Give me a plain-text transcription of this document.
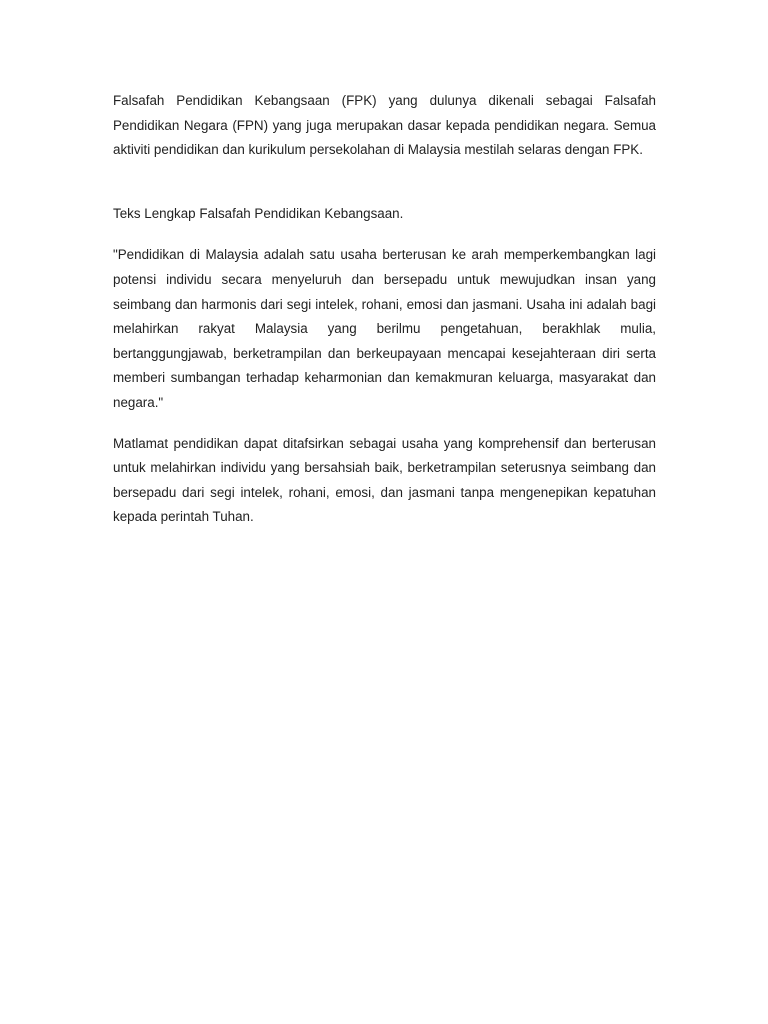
Falsafah Pendidikan Kebangsaan (FPK) yang dulunya dikenali sebagai Falsafah Pendidikan Negara (FPN) yang juga merupakan dasar kepada pendidikan negara. Semua aktiviti pendidikan dan kurikulum persekolahan di Malaysia mestilah selaras dengan FPK.

Teks Lengkap Falsafah Pendidikan Kebangsaan.

"Pendidikan di Malaysia adalah satu usaha berterusan ke arah memperkembangkan lagi potensi individu secara menyeluruh dan bersepadu untuk mewujudkan insan yang seimbang dan harmonis dari segi intelek, rohani, emosi dan jasmani. Usaha ini adalah bagi melahirkan rakyat Malaysia yang berilmu pengetahuan, berakhlak mulia, bertanggungjawab, berketrampilan dan berkeupayaan mencapai kesejahteraan diri serta memberi sumbangan terhadap keharmonian dan kemakmuran keluarga, masyarakat dan negara."

Matlamat pendidikan dapat ditafsirkan sebagai usaha yang komprehensif dan berterusan untuk melahirkan individu yang bersahsiah baik, berketrampilan seterusnya seimbang dan bersepadu dari segi intelek, rohani, emosi, dan jasmani tanpa mengenepikan kepatuhan kepada perintah Tuhan.
